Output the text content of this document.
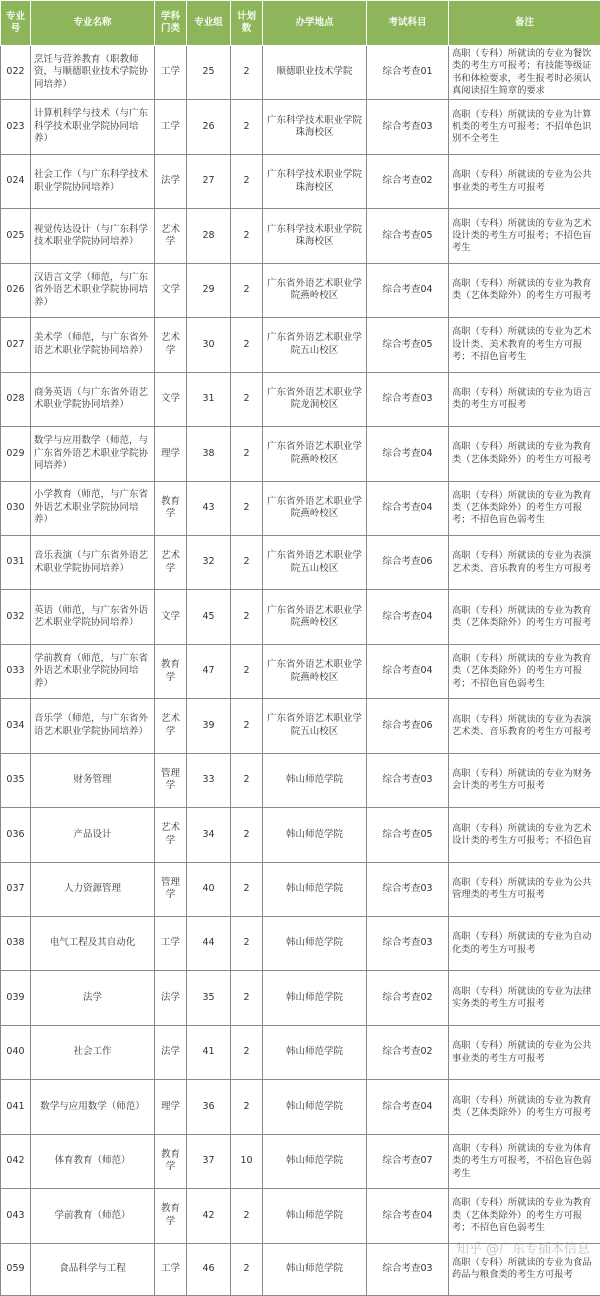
专业号	专业名称	学科门类	专业组	计划数	办学地点	考试科目	备注
022	烹饪与营养教育（职教师资，与顺德职业技术学院协同培养）	工学	25	2	顺德职业技术学院	综合考查01	高职（专科）所就读的专业为餐饮类的考生方可报考；有技能等级证书和体检要求，考生报考时必须认真阅读招生简章的要求
023	计算机科学与技术（与广东科学技术职业学院协同培养）	工学	26	2	广东科学技术职业学院珠海校区	综合考查03	高职（专科）所就读的专业为计算机类的考生方可报考；不招单色识别不全考生
024	社会工作（与广东科学技术职业学院协同培养）	法学	27	2	广东科学技术职业学院珠海校区	综合考查02	高职（专科）所就读的专业为公共事业类的考生方可报考
025	视觉传达设计（与广东科学技术职业学院协同培养）	艺术学	28	2	广东科学技术职业学院珠海校区	综合考查05	高职（专科）所就读的专业为艺术设计类的考生方可报考；不招色盲考生
026	汉语言文学（师范，与广东省外语艺术职业学院协同培养）	文学	29	2	广东省外语艺术职业学院燕岭校区	综合考查04	高职（专科）所就读的专业为教育类（艺体类除外）的考生方可报考
027	美术学（师范，与广东省外语艺术职业学院协同培养）	艺术学	30	2	广东省外语艺术职业学院五山校区	综合考查05	高职（专科）所就读的专业为艺术设计类、美术教育的考生方可报考；不招色盲考生
028	商务英语（与广东省外语艺术职业学院协同培养）	文学	31	2	广东省外语艺术职业学院龙洞校区	综合考查03	高职（专科）所就读的专业为语言类的考生方可报考
029	数学与应用数学（师范，与广东省外语艺术职业学院协同培养）	理学	38	2	广东省外语艺术职业学院燕岭校区	综合考查04	高职（专科）所就读的专业为教育类（艺体类除外）的考生方可报考
030	小学教育（师范，与广东省外语艺术职业学院协同培养）	教育学	43	2	广东省外语艺术职业学院燕岭校区	综合考查04	高职（专科）所就读的专业为教育类（艺体类除外）的考生方可报考；不招色盲色弱考生
031	音乐表演（与广东省外语艺术职业学院协同培养）	艺术学	32	2	广东省外语艺术职业学院五山校区	综合考查06	高职（专科）所就读的专业为表演艺术类、音乐教育的考生方可报考
032	英语（师范，与广东省外语艺术职业学院协同培养）	文学	45	2	广东省外语艺术职业学院燕岭校区	综合考查04	高职（专科）所就读的专业为教育类（艺体类除外）的考生方可报考
033	学前教育（师范，与广东省外语艺术职业学院协同培养）	教育学	47	2	广东省外语艺术职业学院燕岭校区	综合考查04	高职（专科）所就读的专业为教育类（艺体类除外）的考生方可报考；不招色盲色弱考生
034	音乐学（师范，与广东省外语艺术职业学院协同培养）	艺术学	39	2	广东省外语艺术职业学院五山校区	综合考查06	高职（专科）所就读的专业为表演艺术类、音乐教育的考生方可报考
035	财务管理	管理学	33	2	韩山师范学院	综合考查03	高职（专科）所就读的专业为财务会计类的考生方可报考
036	产品设计	艺术学	34	2	韩山师范学院	综合考查05	高职（专科）所就读的专业为艺术设计类的考生方可报考；不招色盲
037	人力资源管理	管理学	40	2	韩山师范学院	综合考查03	高职（专科）所就读的专业为公共管理类的考生方可报考
038	电气工程及其自动化	工学	44	2	韩山师范学院	综合考查03	高职（专科）所就读的专业为自动化类的考生方可报考
039	法学	法学	35	2	韩山师范学院	综合考查02	高职（专科）所就读的专业为法律实务类的考生方可报考
040	社会工作	法学	41	2	韩山师范学院	综合考查02	高职（专科）所就读的专业为公共事业类的考生方可报考
041	数学与应用数学（师范）	理学	36	2	韩山师范学院	综合考查04	高职（专科）所就读的专业为教育类（艺体类除外）的考生方可报考
042	体育教育（师范）	教育学	37	10	韩山师范学院	综合考查07	高职（专科）所就读的专业为体育类的考生方可报考，不招色盲色弱考生
043	学前教育（师范）	教育学	42	2	韩山师范学院	综合考查04	高职（专科）所就读的专业为教育类（艺体类除外）的考生方可报考；不招色盲色弱考生
059	食品科学与工程	工学	46	2	韩山师范学院	综合考查03	高职（专科）所就读的专业为食品药品与粮食类的考生方可报考
知乎 @广东专插本信息
